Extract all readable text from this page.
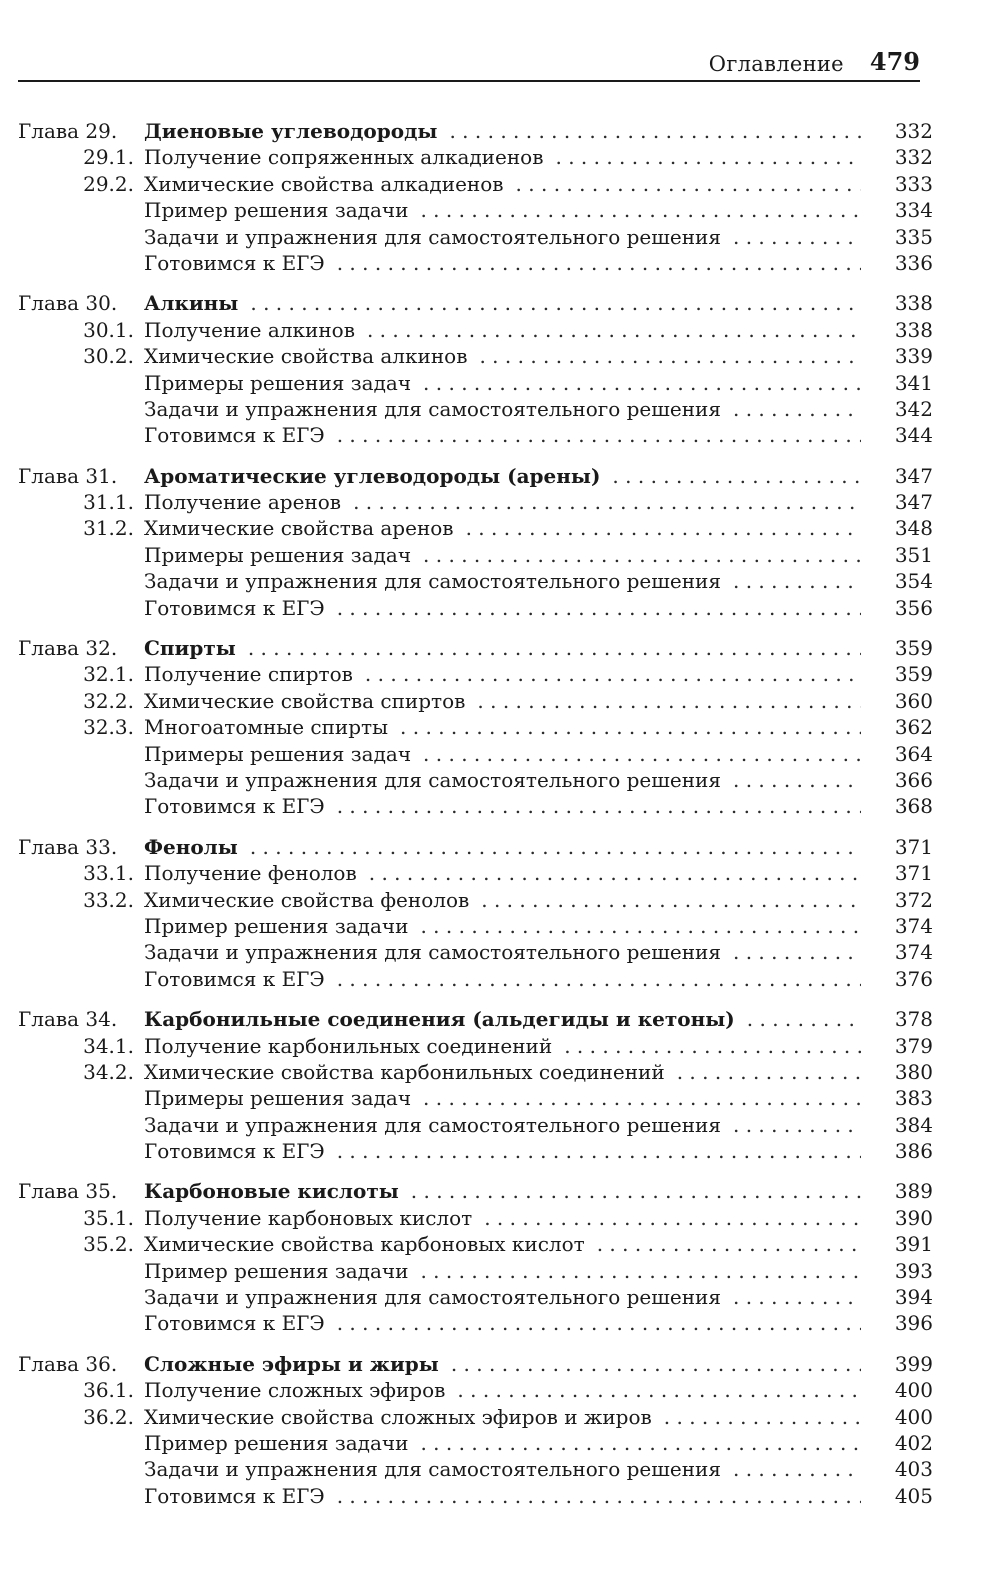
Оглавление 479
Глава 29.	Диеновые углеводороды . . .	332
29.1. Получение сопряженных алкадиенов . . .	332
29.2. Химические свойства алкадиенов . . .	333
Пример решения задачи . . .	334
Задачи и упражнения для самостоятельного решения . . .	335
Готовимся к ЕГЭ . . .	336
Глава 30.	Алкины . . .	338
30.1. Получение алкинов . . .	338
30.2. Химические свойства алкинов . . .	339
Примеры решения задач . . .	341
Задачи и упражнения для самостоятельного решения . . .	342
Готовимся к ЕГЭ . . .	344
Глава 31.	Ароматические углеводороды (арены) . . .	347
31.1. Получение аренов . . .	347
31.2. Химические свойства аренов . . .	348
Примеры решения задач . . .	351
Задачи и упражнения для самостоятельного решения . . .	354
Готовимся к ЕГЭ . . .	356
Глава 32.	Спирты . . .	359
32.1. Получение спиртов . . .	359
32.2. Химические свойства спиртов . . .	360
32.3. Многоатомные спирты . . .	362
Примеры решения задач . . .	364
Задачи и упражнения для самостоятельного решения . . .	366
Готовимся к ЕГЭ . . .	368
Глава 33.	Фенолы . . .	371
33.1. Получение фенолов . . .	371
33.2. Химические свойства фенолов . . .	372
Пример решения задачи . . .	374
Задачи и упражнения для самостоятельного решения . . .	374
Готовимся к ЕГЭ . . .	376
Глава 34.	Карбонильные соединения (альдегиды и кетоны) . . .	378
34.1. Получение карбонильных соединений . . .	379
34.2. Химические свойства карбонильных соединений . . .	380
Примеры решения задач . . .	383
Задачи и упражнения для самостоятельного решения . . .	384
Готовимся к ЕГЭ . . .	386
Глава 35.	Карбоновые кислоты . . .	389
35.1. Получение карбоновых кислот . . .	390
35.2. Химические свойства карбоновых кислот . . .	391
Пример решения задачи . . .	393
Задачи и упражнения для самостоятельного решения . . .	394
Готовимся к ЕГЭ . . .	396
Глава 36.	Сложные эфиры и жиры . . .	399
36.1. Получение сложных эфиров . . .	400
36.2. Химические свойства сложных эфиров и жиров . . .	400
Пример решения задачи . . .	402
Задачи и упражнения для самостоятельного решения . . .	403
Готовимся к ЕГЭ . . .	405
